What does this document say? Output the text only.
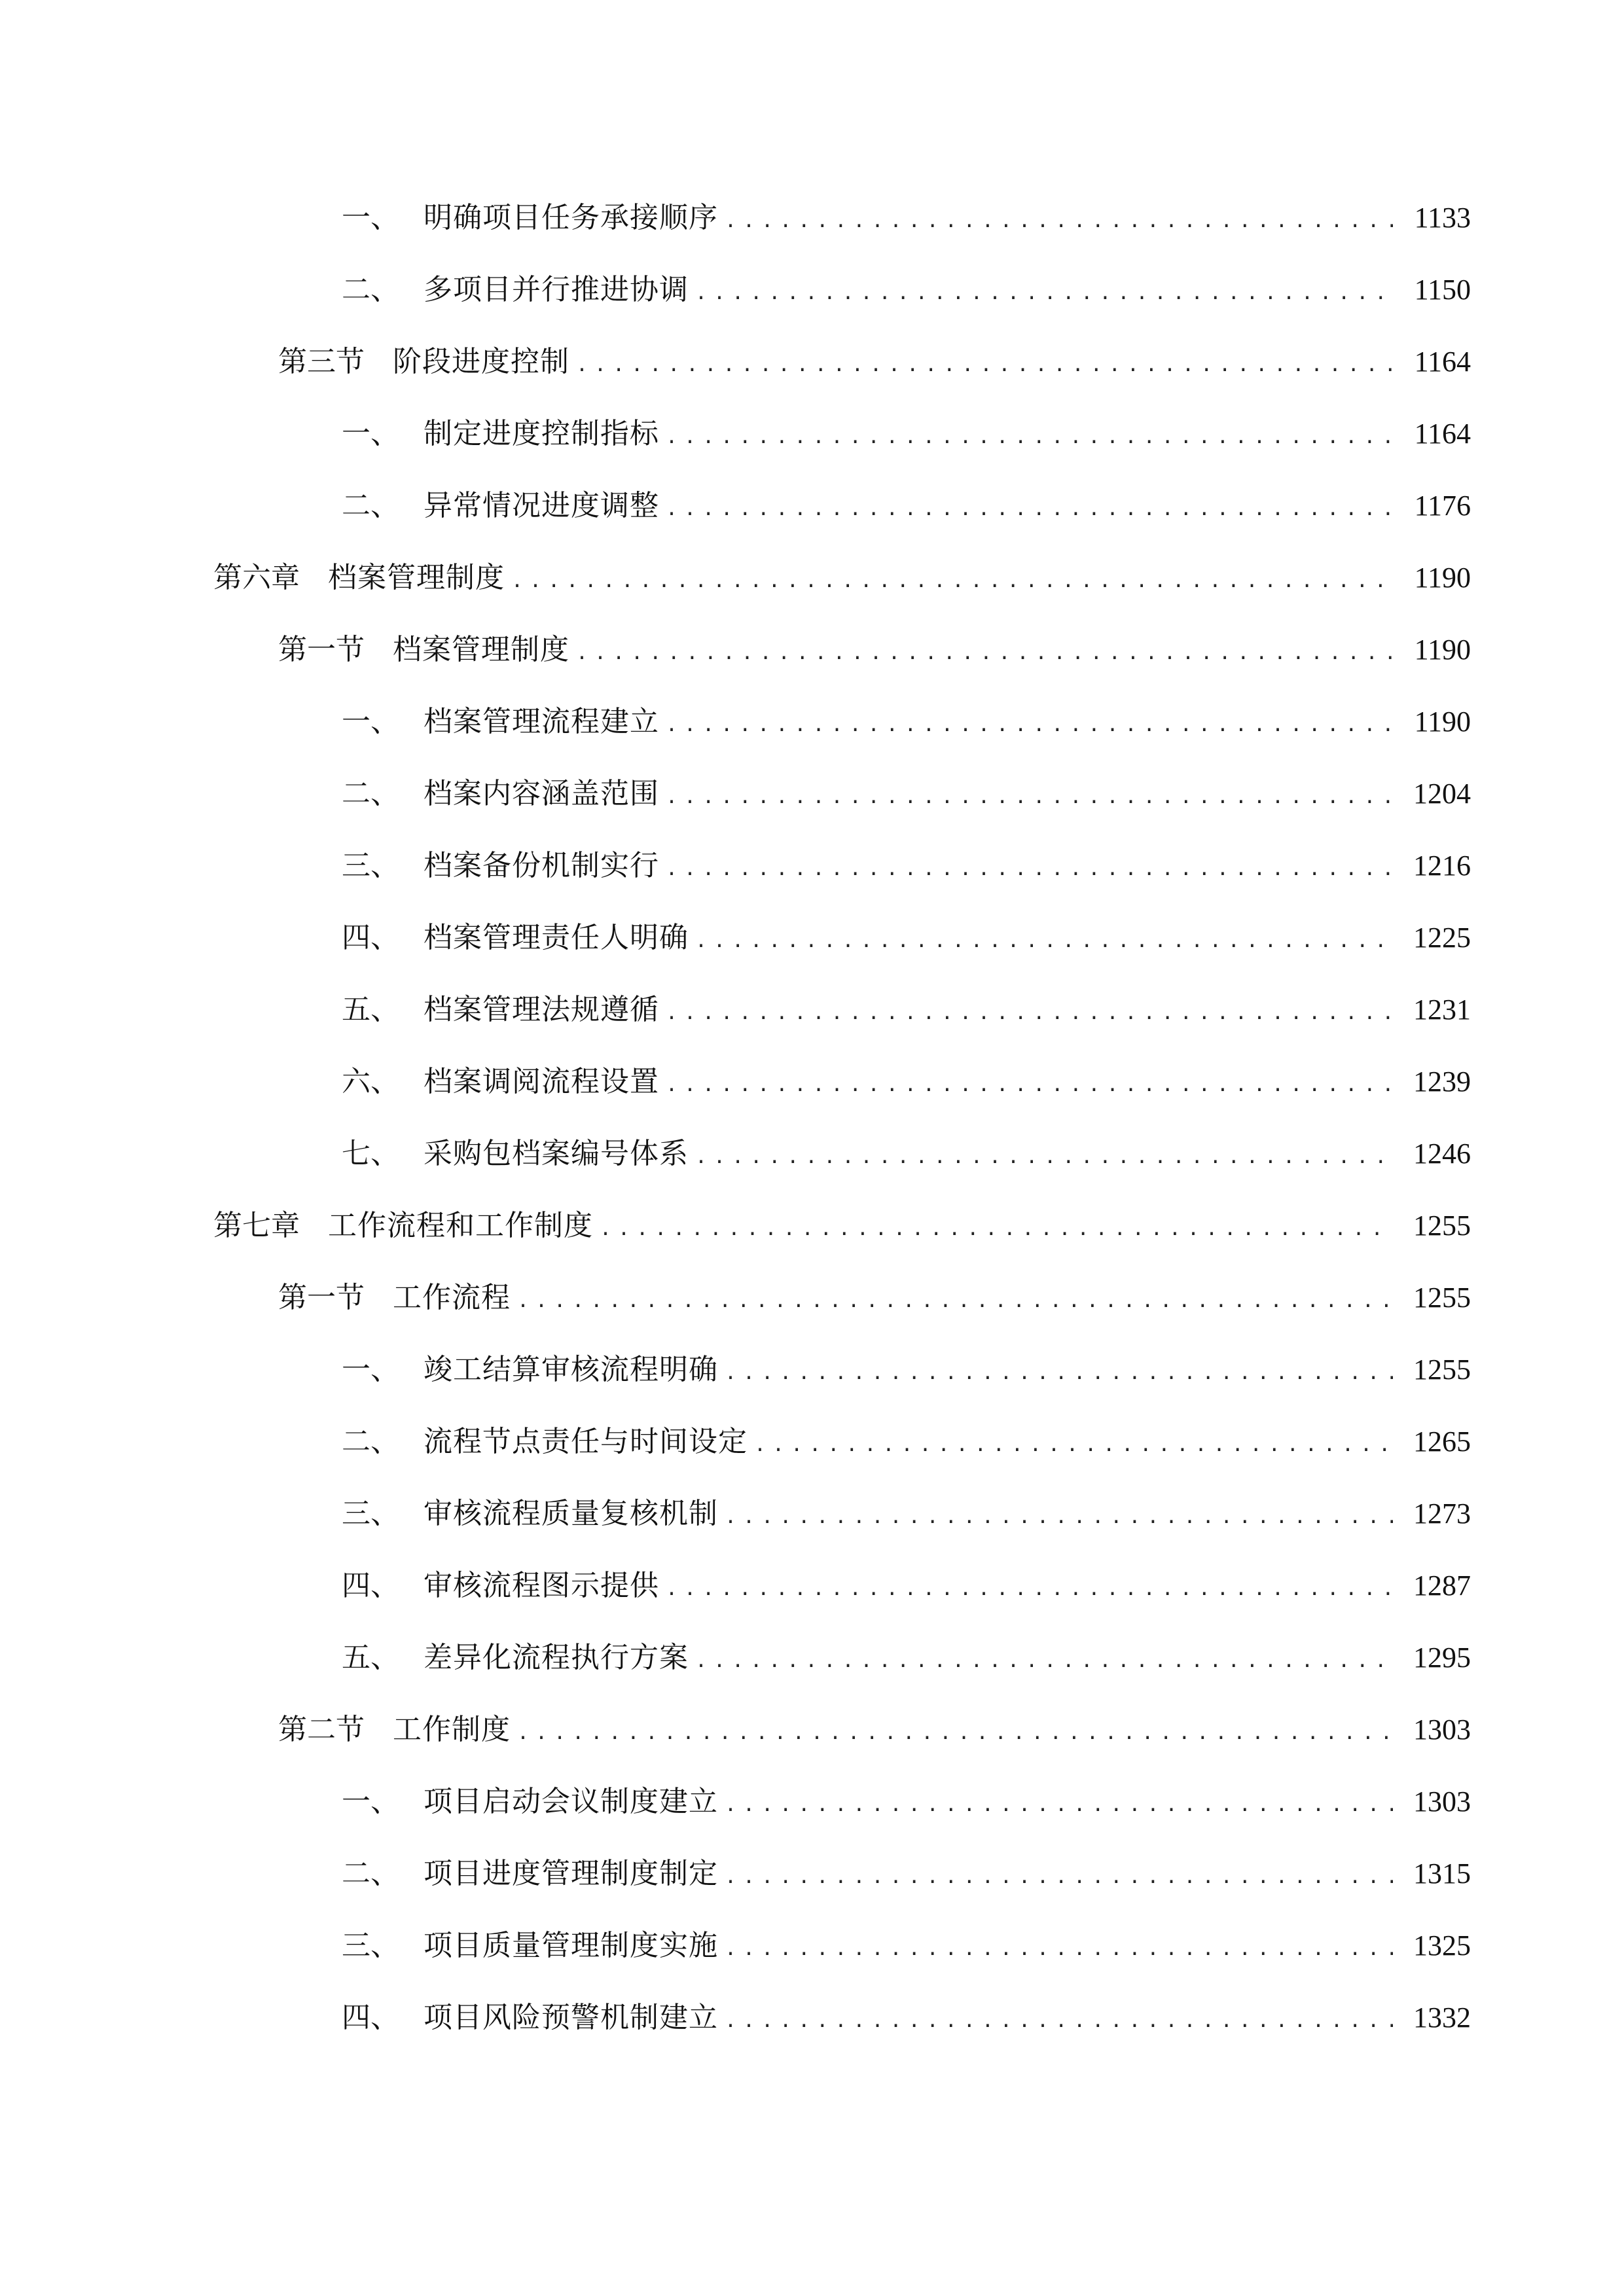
一、 明确项目任务承接顺序 .....	1133
二、 多项目并行推进协调 .....	1150
第三节 阶段进度控制 .....	1164
一、 制定进度控制指标 .....	1164
二、 异常情况进度调整 .....	1176
第六章 档案管理制度 .....	1190
第一节 档案管理制度 .....	1190
一、 档案管理流程建立 .....	1190
二、 档案内容涵盖范围 .....	1204
三、 档案备份机制实行 .....	1216
四、 档案管理责任人明确 .....	1225
五、 档案管理法规遵循 .....	1231
六、 档案调阅流程设置 .....	1239
七、 采购包档案编号体系 .....	1246
第七章 工作流程和工作制度 .....	1255
第一节 工作流程 .....	1255
一、 竣工结算审核流程明确 .....	1255
二、 流程节点责任与时间设定 .....	1265
三、 审核流程质量复核机制 .....	1273
四、 审核流程图示提供 .....	1287
五、 差异化流程执行方案 .....	1295
第二节 工作制度 .....	1303
一、 项目启动会议制度建立 .....	1303
二、 项目进度管理制度制定 .....	1315
三、 项目质量管理制度实施 .....	1325
四、 项目风险预警机制建立 .....	1332
